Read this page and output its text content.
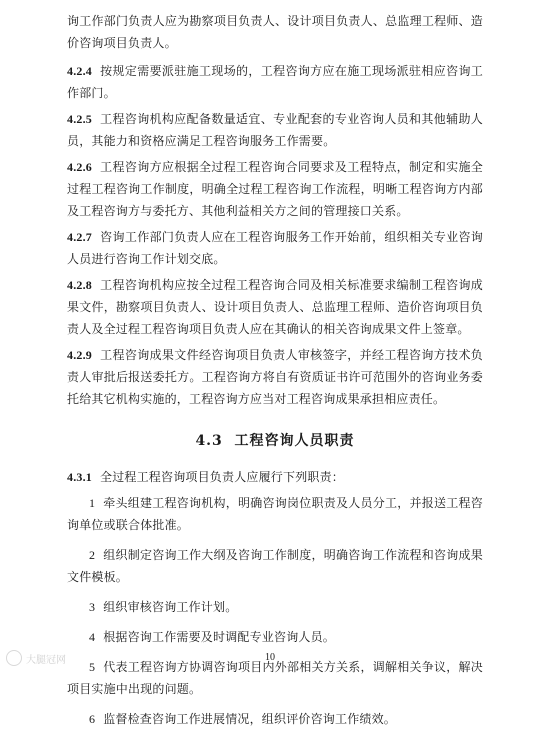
询工作部门负责人应为勘察项目负责人、设计项目负责人、总监理工程师、造价咨询项目负责人。

4.2.4 按规定需要派驻施工现场的，工程咨询方应在施工现场派驻相应咨询工作部门。

4.2.5 工程咨询机构应配备数量适宜、专业配套的专业咨询人员和其他辅助人员，其能力和资格应满足工程咨询服务工作需要。

4.2.6 工程咨询方应根据全过程工程咨询合同要求及工程特点，制定和实施全过程工程咨询工作制度，明确全过程工程咨询工作流程，明晰工程咨询方内部及工程咨询方与委托方、其他利益相关方之间的管理接口关系。

4.2.7 咨询工作部门负责人应在工程咨询服务工作开始前，组织相关专业咨询人员进行咨询工作计划交底。

4.2.8 工程咨询机构应按全过程工程咨询合同及相关标准要求编制工程咨询成果文件，勘察项目负责人、设计项目负责人、总监理工程师、造价咨询项目负责人及全过程工程咨询项目负责人应在其确认的相关咨询成果文件上签章。

4.2.9 工程咨询成果文件经咨询项目负责人审核签字，并经工程咨询方技术负责人审批后报送委托方。工程咨询方将自有资质证书许可范围外的咨询业务委托给其它机构实施的，工程咨询方应当对工程咨询成果承担相应责任。

4.3 工程咨询人员职责

4.3.1 全过程工程咨询项目负责人应履行下列职责：

1 牵头组建工程咨询机构，明确咨询岗位职责及人员分工，并报送工程咨询单位或联合体批准。

2 组织制定咨询工作大纲及咨询工作制度，明确咨询工作流程和咨询成果文件模板。

3 组织审核咨询工作计划。

4 根据咨询工作需要及时调配专业咨询人员。

5 代表工程咨询方协调咨询项目内外部相关方关系，调解相关争议，解决项目实施中出现的问题。

6 监督检查咨询工作进展情况，组织评价咨询工作绩效。

大腿冠网	10
